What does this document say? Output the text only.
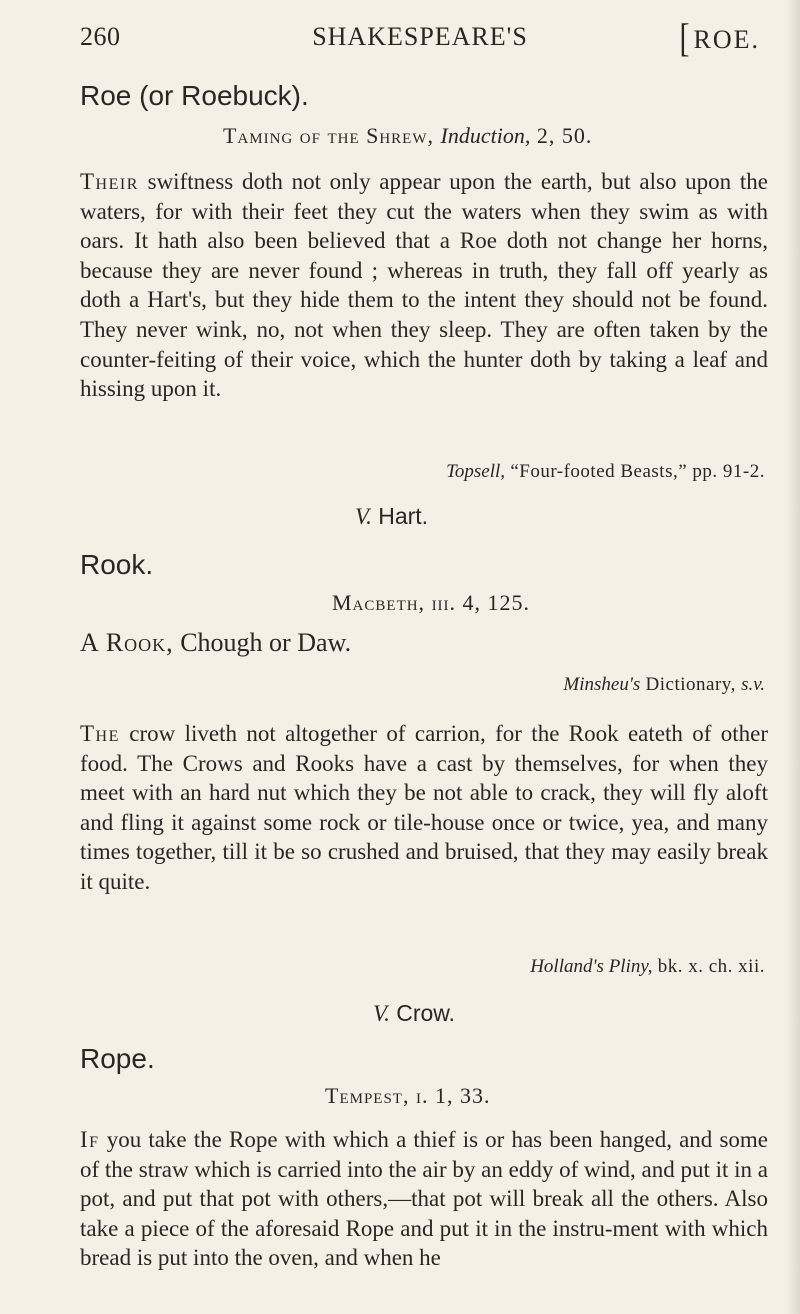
260	SHAKESPEARE'S	[ROE.
Roe (or Roebuck).
Taming of the Shrew, Induction, 2, 50.
Their swiftness doth not only appear upon the earth, but also upon the waters, for with their feet they cut the waters when they swim as with oars. It hath also been believed that a Roe doth not change her horns, because they are never found ; whereas in truth, they fall off yearly as doth a Hart's, but they hide them to the intent they should not be found. They never wink, no, not when they sleep. They are often taken by the counter-feiting of their voice, which the hunter doth by taking a leaf and hissing upon it.
Topsell, “Four-footed Beasts,” pp. 91-2.
V. Hart.
Rook.
Macbeth, iii. 4, 125.
A Rook, Chough or Daw.
Minsheu's Dictionary, s.v.
The crow liveth not altogether of carrion, for the Rook eateth of other food. The Crows and Rooks have a cast by themselves, for when they meet with an hard nut which they be not able to crack, they will fly aloft and fling it against some rock or tile-house once or twice, yea, and many times together, till it be so crushed and bruised, that they may easily break it quite.
Holland's Pliny, bk. x. ch. xii.
V. Crow.
Rope.
Tempest, i. 1, 33.
If you take the Rope with which a thief is or has been hanged, and some of the straw which is carried into the air by an eddy of wind, and put it in a pot, and put that pot with others,—that pot will break all the others. Also take a piece of the aforesaid Rope and put it in the instru-ment with which bread is put into the oven, and when he
